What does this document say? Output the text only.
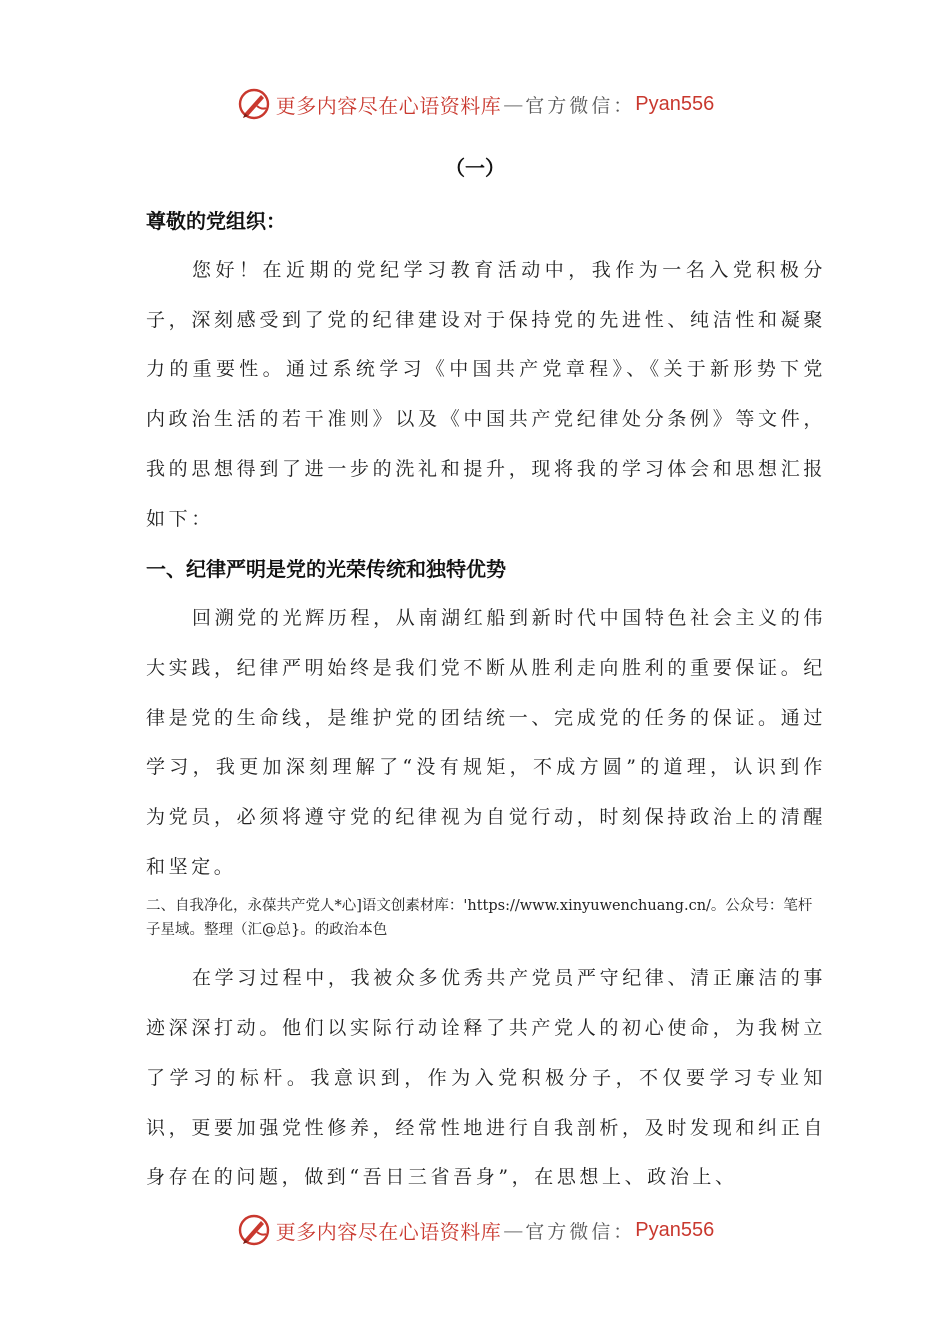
更多内容尽在心语资料库 — 官方微信： Pyan556
（一）
尊敬的党组织：

您好！在近期的党纪学习教育活动中，我作为一名入党积极分子，深刻感受到了党的纪律建设对于保持党的先进性、纯洁性和凝聚力的重要性。通过系统学习《中国共产党章程》、《关于新形势下党内政治生活的若干准则》以及《中国共产党纪律处分条例》等文件，我的思想得到了进一步的洗礼和提升，现将我的学习体会和思想汇报如下：

一、纪律严明是党的光荣传统和独特优势

回溯党的光辉历程，从南湖红船到新时代中国特色社会主义的伟大实践，纪律严明始终是我们党不断从胜利走向胜利的重要保证。纪律是党的生命线，是维护党的团结统一、完成党的任务的保证。通过学习，我更加深刻理解了“没有规矩，不成方圆”的道理，认识到作为党员，必须将遵守党的纪律视为自觉行动，时刻保持政治上的清醒和坚定。

二、自我净化，永葆共产党人*心]语文创素材库：'https://www.xinyuwenchuang.cn/。公众号：笔杆子星域。整理（汇@总}。的政治本色

在学习过程中，我被众多优秀共产党员严守纪律、清正廉洁的事迹深深打动。他们以实际行动诠释了共产党人的初心使命，为我树立了学习的标杆。我意识到，作为入党积极分子，不仅要学习专业知识，更要加强党性修养，经常性地进行自我剖析，及时发现和纠正自身存在的问题，做到“吾日三省吾身”，在思想上、政治上、

更多内容尽在心语资料库 — 官方微信： Pyan556
